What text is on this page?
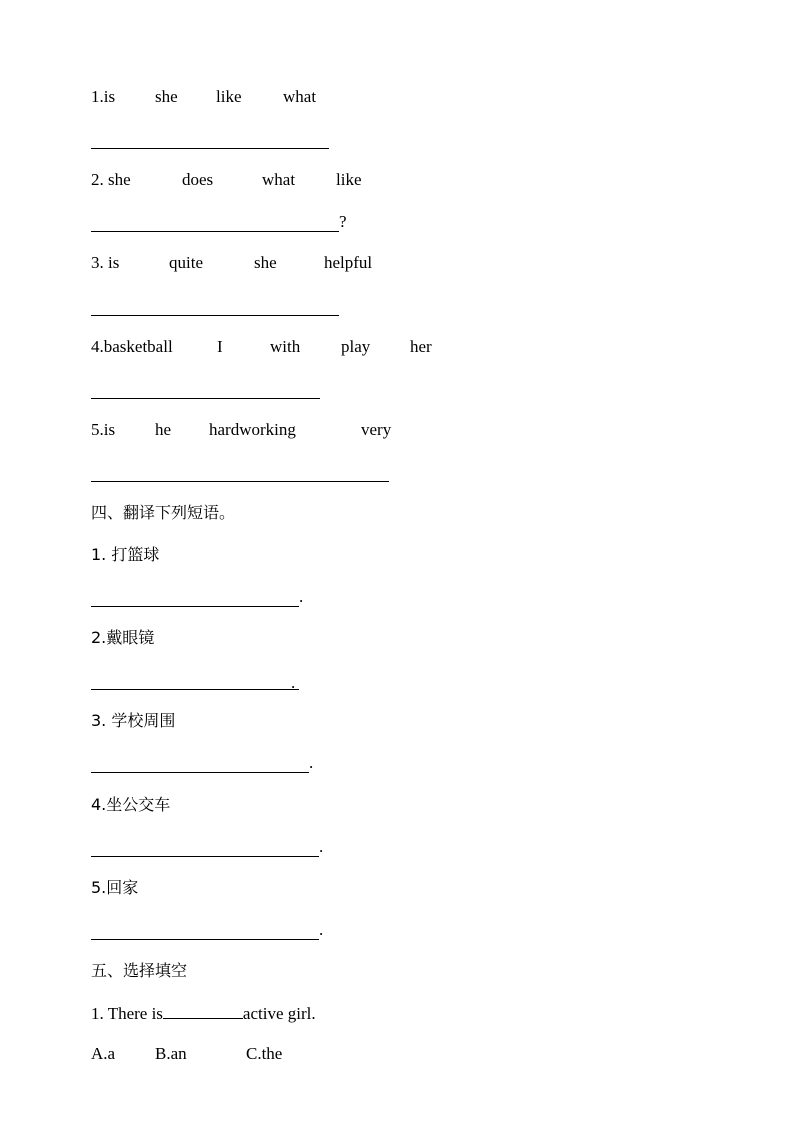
1.is she like what
2. she	does	what like
?
3. is	quite	she	helpful
4.basketball	I	with play her
5.is he hardworking	very
四、翻译下列短语。
1. 打篮球
.
2.戴眼镜
.
3. 学校周围
.
4.坐公交车
.
5.回家
.
五、选择填空
1. There is	active girl.
A.a B.an	C.the
